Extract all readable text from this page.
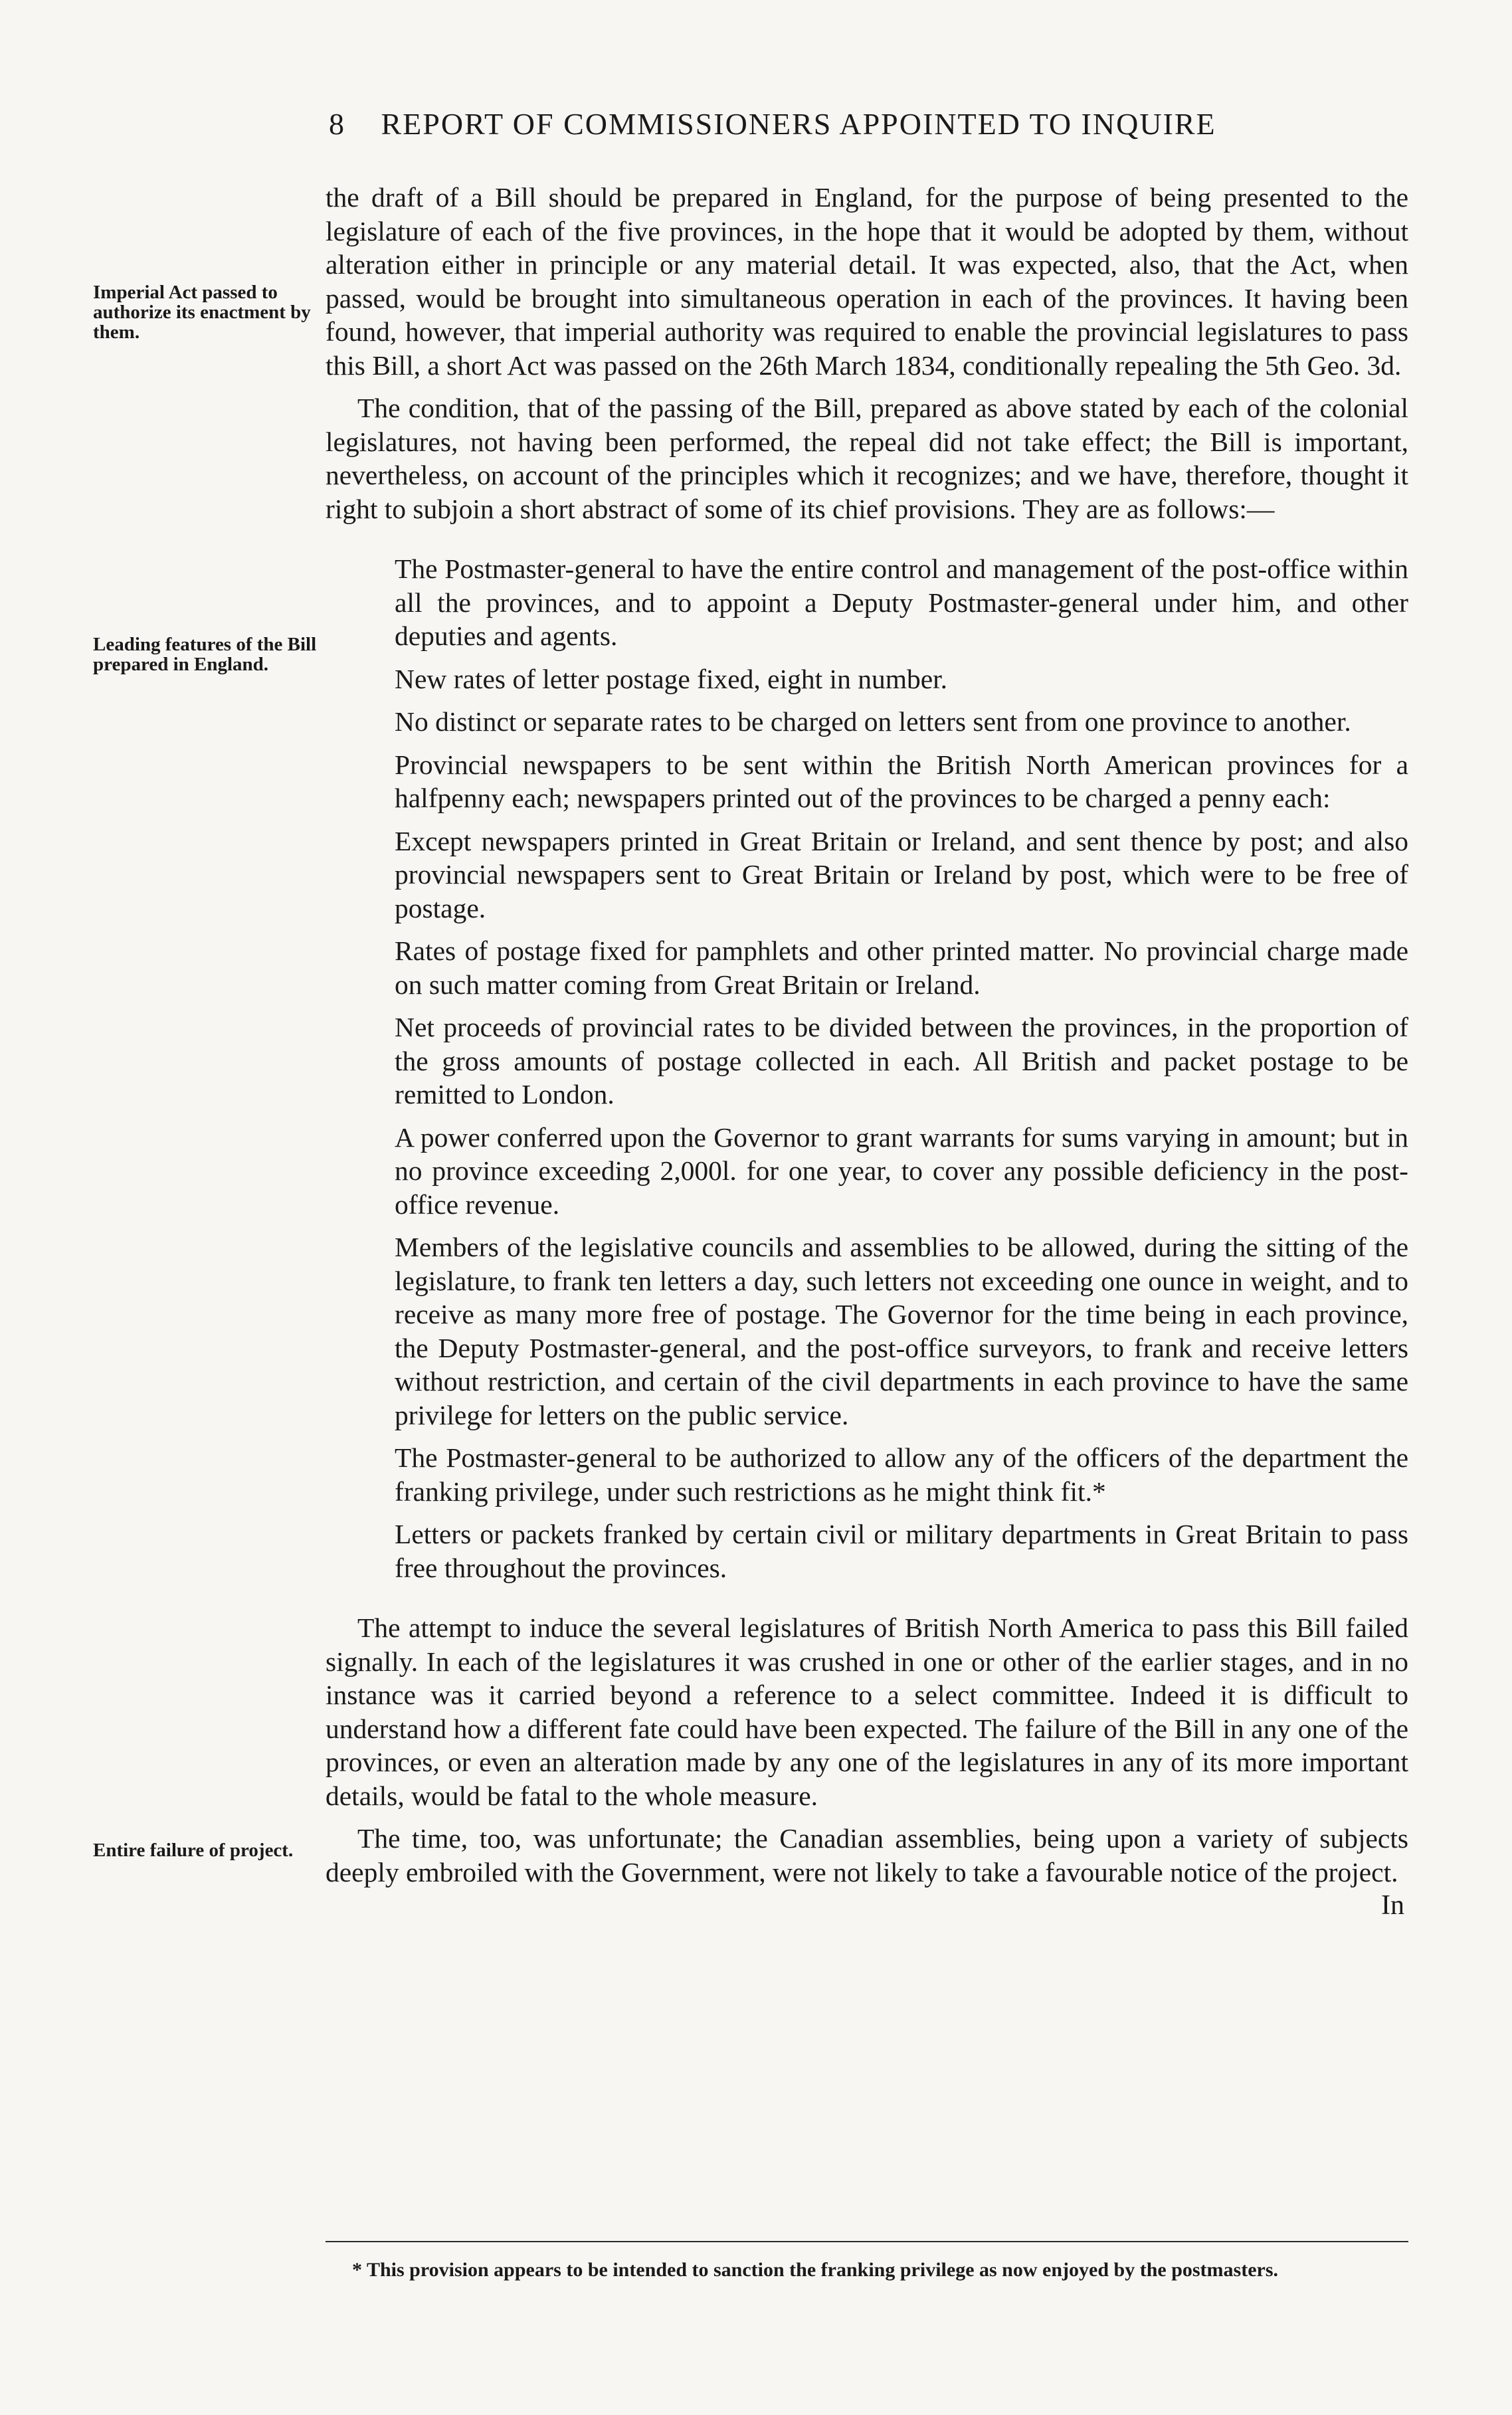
8 REPORT OF COMMISSIONERS APPOINTED TO INQUIRE
Imperial Act passed to authorize its enactment by them.
Leading features of the Bill prepared in England.
Entire failure of project.

the draft of a Bill should be prepared in England, for the purpose of being presented to the legislature of each of the five provinces, in the hope that it would be adopted by them, without alteration either in principle or any material detail. It was expected, also, that the Act, when passed, would be brought into simultaneous operation in each of the provinces. It having been found, however, that imperial authority was required to enable the provincial legislatures to pass this Bill, a short Act was passed on the 26th March 1834, conditionally repealing the 5th Geo. 3d.

The condition, that of the passing of the Bill, prepared as above stated by each of the colonial legislatures, not having been performed, the repeal did not take effect; the Bill is important, nevertheless, on account of the principles which it recognizes; and we have, therefore, thought it right to subjoin a short abstract of some of its chief provisions. They are as follows:—

The Postmaster-general to have the entire control and management of the post-office within all the provinces, and to appoint a Deputy Postmaster-general under him, and other deputies and agents.

New rates of letter postage fixed, eight in number.

No distinct or separate rates to be charged on letters sent from one province to another.

Provincial newspapers to be sent within the British North American provinces for a halfpenny each; newspapers printed out of the provinces to be charged a penny each:

Except newspapers printed in Great Britain or Ireland, and sent thence by post; and also provincial newspapers sent to Great Britain or Ireland by post, which were to be free of postage.

Rates of postage fixed for pamphlets and other printed matter. No provincial charge made on such matter coming from Great Britain or Ireland.

Net proceeds of provincial rates to be divided between the provinces, in the proportion of the gross amounts of postage collected in each. All British and packet postage to be remitted to London.

A power conferred upon the Governor to grant warrants for sums varying in amount; but in no province exceeding 2,000l. for one year, to cover any possible deficiency in the post-office revenue.

Members of the legislative councils and assemblies to be allowed, during the sitting of the legislature, to frank ten letters a day, such letters not exceeding one ounce in weight, and to receive as many more free of postage. The Governor for the time being in each province, the Deputy Postmaster-general, and the post-office surveyors, to frank and receive letters without restriction, and certain of the civil departments in each province to have the same privilege for letters on the public service.

The Postmaster-general to be authorized to allow any of the officers of the department the franking privilege, under such restrictions as he might think fit.*

Letters or packets franked by certain civil or military departments in Great Britain to pass free throughout the provinces.

The attempt to induce the several legislatures of British North America to pass this Bill failed signally. In each of the legislatures it was crushed in one or other of the earlier stages, and in no instance was it carried beyond a reference to a select committee. Indeed it is difficult to understand how a different fate could have been expected. The failure of the Bill in any one of the provinces, or even an alteration made by any one of the legislatures in any of its more important details, would be fatal to the whole measure.

The time, too, was unfortunate; the Canadian assemblies, being upon a variety of subjects deeply embroiled with the Government, were not likely to take a favourable notice of the project.

In

* This provision appears to be intended to sanction the franking privilege as now enjoyed by the postmasters.
